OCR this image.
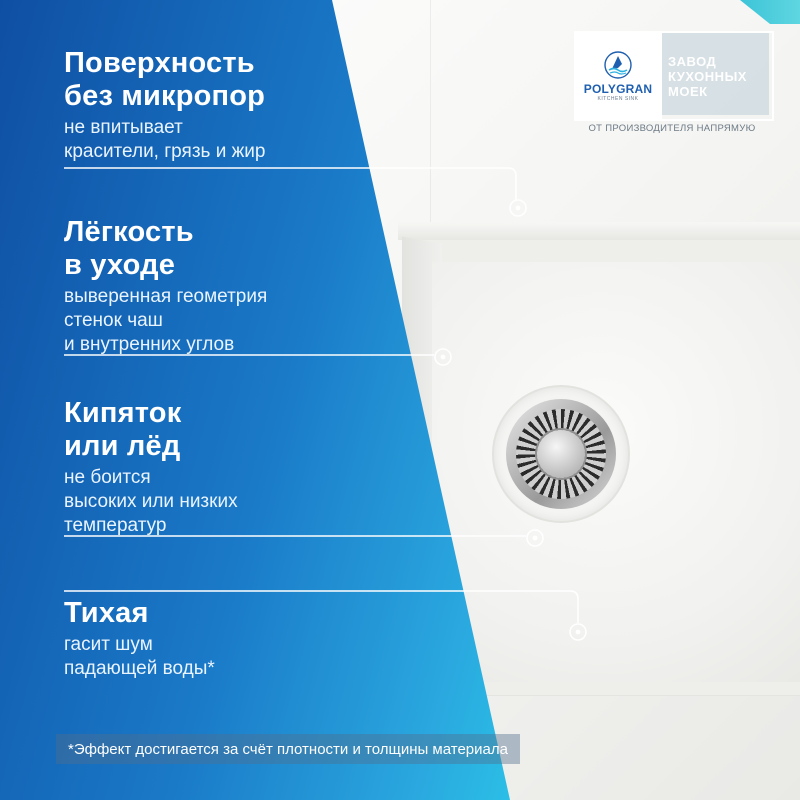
Поверхность
без микропор

не впитывает
красители, грязь и жир

Лёгкость
в уходе

выверенная геометрия
стенок чаш
и внутренних углов

Кипяток
или лёд

не боится
высоких или низких
температур

Тихая

гасит шум
падающей воды*

*Эффект достигается за счёт плотности и толщины материала
POLYGRAN
KITCHEN SINK
ЗАВОД
КУХОННЫХ
МОЕК
ОТ ПРОИЗВОДИТЕЛЯ НАПРЯМУЮ
